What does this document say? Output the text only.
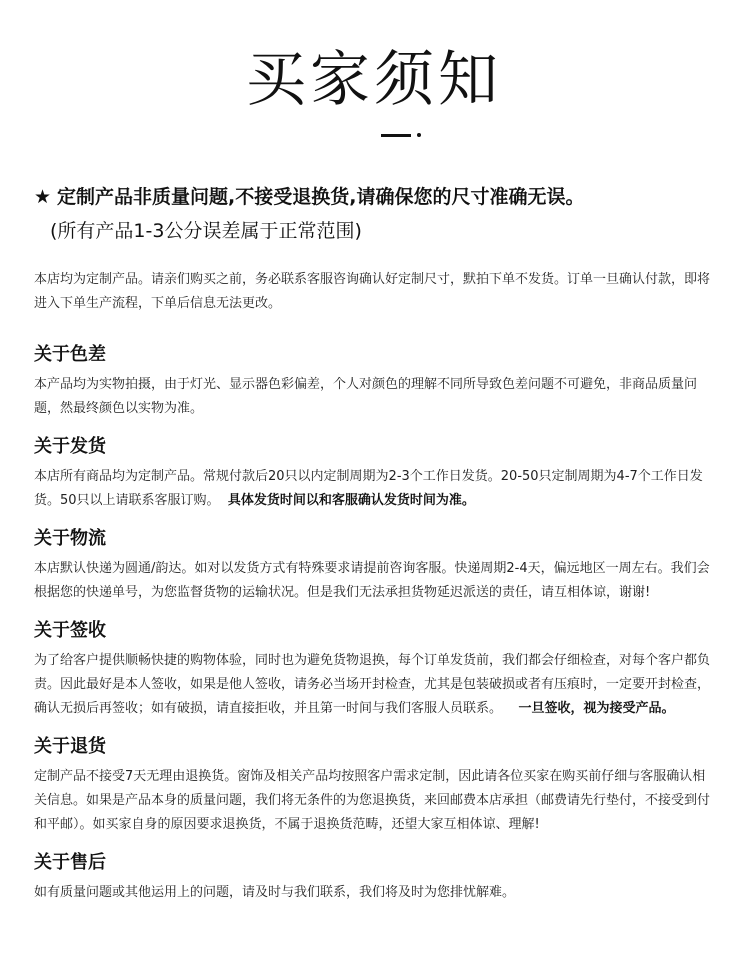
买家须知
★ 定制产品非质量问题,不接受退换货,请确保您的尺寸准确无误。
(所有产品1-3公分误差属于正常范围)

本店均为定制产品。请亲们购买之前，务必联系客服咨询确认好定制尺寸，默拍下单不发货。订单一旦确认付款，即将进入下单生产流程，下单后信息无法更改。

关于色差

本产品均为实物拍摄，由于灯光、显示器色彩偏差，个人对颜色的理解不同所导致色差问题不可避免，非商品质量问题，然最终颜色以实物为准。

关于发货

本店所有商品均为定制产品。常规付款后20只以内定制周期为2-3个工作日发货。20-50只定制周期为4-7个工作日发货。50只以上请联系客服订购。 具体发货时间以和客服确认发货时间为准。

关于物流

本店默认快递为圆通/韵达。如对以发货方式有特殊要求请提前咨询客服。快递周期2-4天，偏远地区一周左右。我们会根据您的快递单号，为您监督货物的运输状况。但是我们无法承担货物延迟派送的责任，请互相体谅，谢谢!

关于签收

为了给客户提供顺畅快捷的购物体验，同时也为避免货物退换，每个订单发货前，我们都会仔细检查，对每个客户都负责。因此最好是本人签收，如果是他人签收，请务必当场开封检查，尤其是包装破损或者有压痕时，一定要开封检查，确认无损后再签收；如有破损，请直接拒收，并且第一时间与我们客服人员联系。 一旦签收，视为接受产品。

关于退货

定制产品不接受7天无理由退换货。窗饰及相关产品均按照客户需求定制，因此请各位买家在购买前仔细与客服确认相关信息。如果是产品本身的质量问题，我们将无条件的为您退换货，来回邮费本店承担（邮费请先行垫付，不接受到付和平邮）。如买家自身的原因要求退换货，不属于退换货范畴，还望大家互相体谅、理解!

关于售后

如有质量问题或其他运用上的问题，请及时与我们联系，我们将及时为您排忧解难。
